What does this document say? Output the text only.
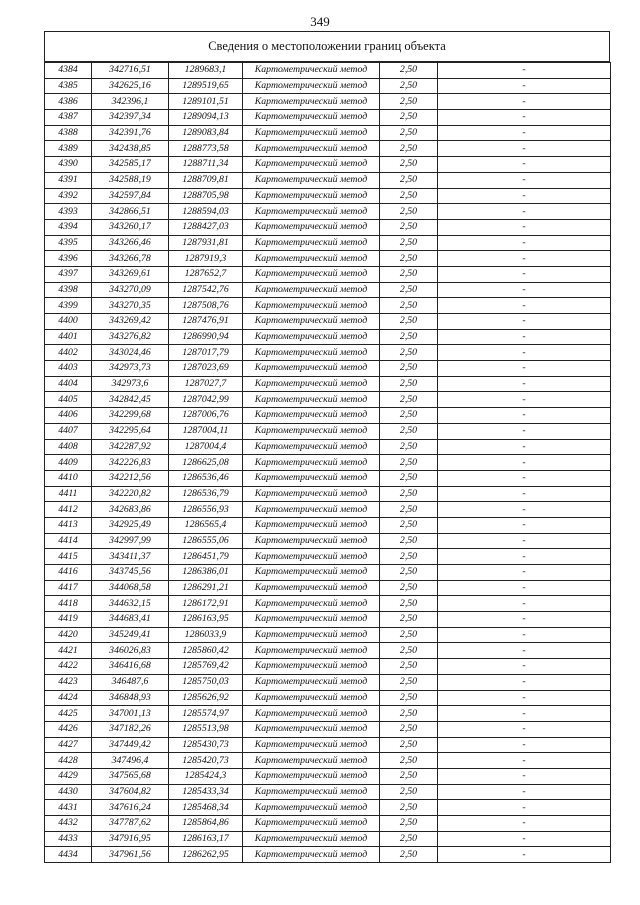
349
Сведения о местоположении границ объекта
4384	342716,51	1289683,1	Картометрический метод	2,50	-
4385	342625,16	1289519,65	Картометрический метод	2,50	-
4386	342396,1	1289101,51	Картометрический метод	2,50	-
4387	342397,34	1289094,13	Картометрический метод	2,50	-
4388	342391,76	1289083,84	Картометрический метод	2,50	-
4389	342438,85	1288773,58	Картометрический метод	2,50	-
4390	342585,17	1288711,34	Картометрический метод	2,50	-
4391	342588,19	1288709,81	Картометрический метод	2,50	-
4392	342597,84	1288705,98	Картометрический метод	2,50	-
4393	342866,51	1288594,03	Картометрический метод	2,50	-
4394	343260,17	1288427,03	Картометрический метод	2,50	-
4395	343266,46	1287931,81	Картометрический метод	2,50	-
4396	343266,78	1287919,3	Картометрический метод	2,50	-
4397	343269,61	1287652,7	Картометрический метод	2,50	-
4398	343270,09	1287542,76	Картометрический метод	2,50	-
4399	343270,35	1287508,76	Картометрический метод	2,50	-
4400	343269,42	1287476,91	Картометрический метод	2,50	-
4401	343276,82	1286990,94	Картометрический метод	2,50	-
4402	343024,46	1287017,79	Картометрический метод	2,50	-
4403	342973,73	1287023,69	Картометрический метод	2,50	-
4404	342973,6	1287027,7	Картометрический метод	2,50	-
4405	342842,45	1287042,99	Картометрический метод	2,50	-
4406	342299,68	1287006,76	Картометрический метод	2,50	-
4407	342295,64	1287004,11	Картометрический метод	2,50	-
4408	342287,92	1287004,4	Картометрический метод	2,50	-
4409	342226,83	1286625,08	Картометрический метод	2,50	-
4410	342212,56	1286536,46	Картометрический метод	2,50	-
4411	342220,82	1286536,79	Картометрический метод	2,50	-
4412	342683,86	1286556,93	Картометрический метод	2,50	-
4413	342925,49	1286565,4	Картометрический метод	2,50	-
4414	342997,99	1286555,06	Картометрический метод	2,50	-
4415	343411,37	1286451,79	Картометрический метод	2,50	-
4416	343745,56	1286386,01	Картометрический метод	2,50	-
4417	344068,58	1286291,21	Картометрический метод	2,50	-
4418	344632,15	1286172,91	Картометрический метод	2,50	-
4419	344683,41	1286163,95	Картометрический метод	2,50	-
4420	345249,41	1286033,9	Картометрический метод	2,50	-
4421	346026,83	1285860,42	Картометрический метод	2,50	-
4422	346416,68	1285769,42	Картометрический метод	2,50	-
4423	346487,6	1285750,03	Картометрический метод	2,50	-
4424	346848,93	1285626,92	Картометрический метод	2,50	-
4425	347001,13	1285574,97	Картометрический метод	2,50	-
4426	347182,26	1285513,98	Картометрический метод	2,50	-
4427	347449,42	1285430,73	Картометрический метод	2,50	-
4428	347496,4	1285420,73	Картометрический метод	2,50	-
4429	347565,68	1285424,3	Картометрический метод	2,50	-
4430	347604,82	1285433,34	Картометрический метод	2,50	-
4431	347616,24	1285468,34	Картометрический метод	2,50	-
4432	347787,62	1285864,86	Картометрический метод	2,50	-
4433	347916,95	1286163,17	Картометрический метод	2,50	-
4434	347961,56	1286262,95	Картометрический метод	2,50	-
